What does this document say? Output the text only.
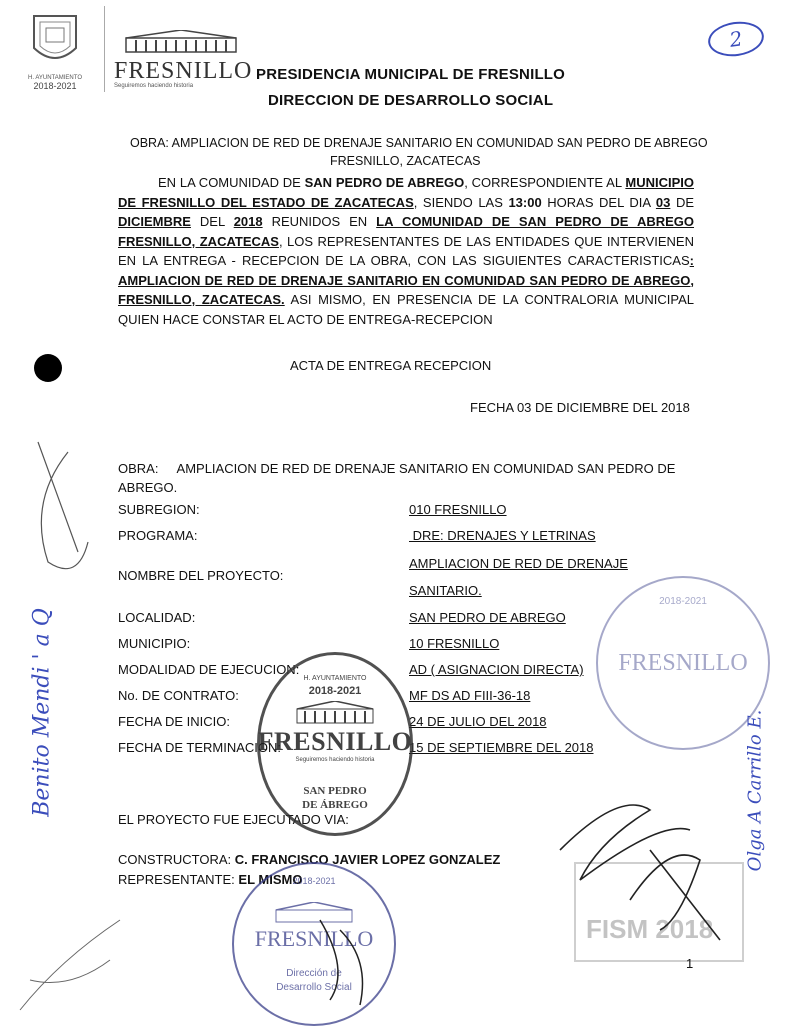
H. AYUNTAMIENTO
2018-2021
FRESNILLO
Seguiremos haciendo historia
2
PRESIDENCIA MUNICIPAL DE FRESNILLO
DIRECCION DE DESARROLLO SOCIAL
OBRA: AMPLIACION DE RED DE DRENAJE SANITARIO EN COMUNIDAD SAN PEDRO DE ABREGO
FRESNILLO, ZACATECAS
EN LA COMUNIDAD DE SAN PEDRO DE ABREGO, CORRESPONDIENTE AL MUNICIPIO DE FRESNILLO DEL ESTADO DE ZACATECAS, SIENDO LAS 13:00 HORAS DEL DIA 03 DE DICIEMBRE DEL 2018 REUNIDOS EN LA COMUNIDAD DE SAN PEDRO DE ABREGO FRESNILLO, ZACATECAS, LOS REPRESENTANTES DE LAS ENTIDADES QUE INTERVIENEN EN LA ENTREGA - RECEPCION DE LA OBRA, CON LAS SIGUIENTES CARACTERISTICAS: AMPLIACION DE RED DE DRENAJE SANITARIO EN COMUNIDAD SAN PEDRO DE ABREGO, FRESNILLO, ZACATECAS. ASI MISMO, EN PRESENCIA DE LA CONTRALORIA MUNICIPAL QUIEN HACE CONSTAR EL ACTO DE ENTREGA-RECEPCION
ACTA DE ENTREGA RECEPCION
FECHA 03 DE DICIEMBRE DEL 2018
OBRA: AMPLIACION DE RED DE DRENAJE SANITARIO EN COMUNIDAD SAN PEDRO DE ABREGO.
SUBREGION:	010 FRESNILLO
PROGRAMA:	DRE: DRENAJES Y LETRINAS
NOMBRE DEL PROYECTO:
AMPLIACION DE RED DE DRENAJE
SANITARIO.
LOCALIDAD:	SAN PEDRO DE ABREGO
MUNICIPIO:	10 FRESNILLO
MODALIDAD DE EJECUCION:	AD ( ASIGNACION DIRECTA)
No. DE CONTRATO:	MF DS AD FIII-36-18
FECHA DE INICIO:	24 DE JULIO DEL 2018
FECHA DE TERMINACION:	15 DE SEPTIEMBRE DEL 2018
EL PROYECTO FUE EJECUTADO VIA:
CONSTRUCTORA: C. FRANCISCO JAVIER LOPEZ GONZALEZ
REPRESENTANTE: EL MISMO
H. AYUNTAMIENTO
2018-2021
FRESNILLO
Seguiremos haciendo historia
SAN PEDRO
DE ÁBREGO
2018-2021
FRESNILLO
Dirección de
Desarrollo Social
2018-2021
FRESNILLO
FISM 2018
Benito Mendi ' a Q	Olga A Carrillo E.
1
